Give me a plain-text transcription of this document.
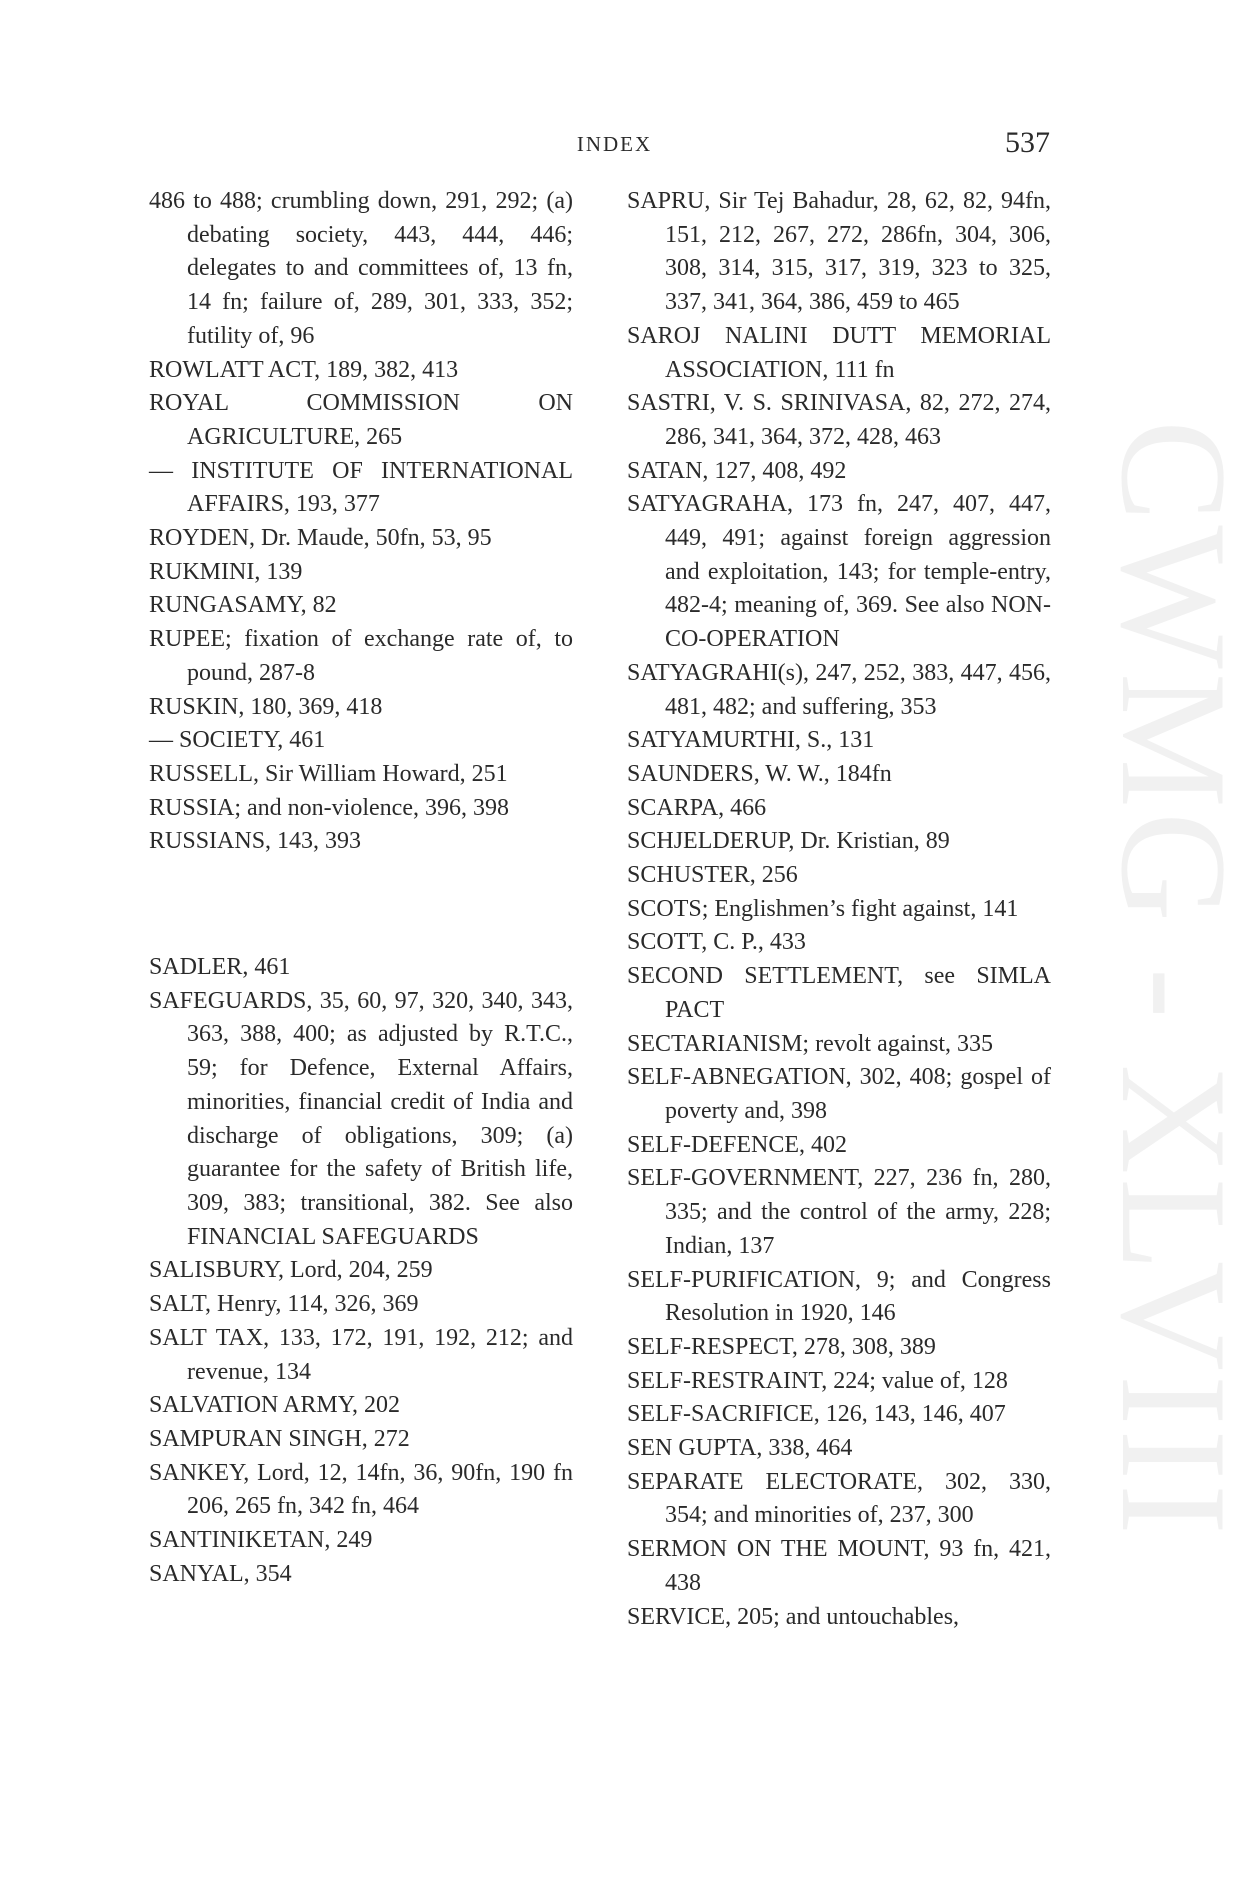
CWMG - XLVIII
INDEX	537

486 to 488; crumbling down, 291, 292; (a) debating society, 443, 444, 446; delegates to and committees of, 13 fn, 14 fn; failure of, 289, 301, 333, 352; futility of, 96

ROWLATT ACT, 189, 382, 413

ROYAL COMMISSION ON AGRICULTURE, 265

— INSTITUTE OF INTERNATIONAL AFFAIRS, 193, 377

ROYDEN, Dr. Maude, 50fn, 53, 95

RUKMINI, 139

RUNGASAMY, 82

RUPEE; fixation of exchange rate of, to pound, 287-8

RUSKIN, 180, 369, 418

— SOCIETY, 461

RUSSELL, Sir William Howard, 251

RUSSIA; and non-violence, 396, 398

RUSSIANS, 143, 393

SADLER, 461

SAFEGUARDS, 35, 60, 97, 320, 340, 343, 363, 388, 400; as adjusted by R.T.C., 59; for Defence, External Affairs, minorities, financial credit of India and discharge of obligations, 309; (a) guarantee for the safety of British life, 309, 383; transitional, 382. See also FINANCIAL SAFEGUARDS

SALISBURY, Lord, 204, 259

SALT, Henry, 114, 326, 369

SALT TAX, 133, 172, 191, 192, 212; and revenue, 134

SALVATION ARMY, 202

SAMPURAN SINGH, 272

SANKEY, Lord, 12, 14fn, 36, 90fn, 190 fn 206, 265 fn, 342 fn, 464

SANTINIKETAN, 249

SANYAL, 354

SAPRU, Sir Tej Bahadur, 28, 62, 82, 94fn, 151, 212, 267, 272, 286fn, 304, 306, 308, 314, 315, 317, 319, 323 to 325, 337, 341, 364, 386, 459 to 465

SAROJ NALINI DUTT MEMORIAL ASSOCIATION, 111 fn

SASTRI, V. S. SRINIVASA, 82, 272, 274, 286, 341, 364, 372, 428, 463

SATAN, 127, 408, 492

SATYAGRAHA, 173 fn, 247, 407, 447, 449, 491; against foreign aggression and exploitation, 143; for temple-entry, 482-4; meaning of, 369. See also NON-CO-OPERATION

SATYAGRAHI(s), 247, 252, 383, 447, 456, 481, 482; and suffering, 353

SATYAMURTHI, S., 131

SAUNDERS, W. W., 184fn

SCARPA, 466

SCHJELDERUP, Dr. Kristian, 89

SCHUSTER, 256

SCOTS; Englishmen’s fight against, 141

SCOTT, C. P., 433

SECOND SETTLEMENT, see SIMLA PACT

SECTARIANISM; revolt against, 335

SELF-ABNEGATION, 302, 408; gospel of poverty and, 398

SELF-DEFENCE, 402

SELF-GOVERNMENT, 227, 236 fn, 280, 335; and the control of the army, 228; Indian, 137

SELF-PURIFICATION, 9; and Congress Resolution in 1920, 146

SELF-RESPECT, 278, 308, 389

SELF-RESTRAINT, 224; value of, 128

SELF-SACRIFICE, 126, 143, 146, 407

SEN GUPTA, 338, 464

SEPARATE ELECTORATE, 302, 330, 354; and minorities of, 237, 300

SERMON ON THE MOUNT, 93 fn, 421, 438

SERVICE, 205; and untouchables,
